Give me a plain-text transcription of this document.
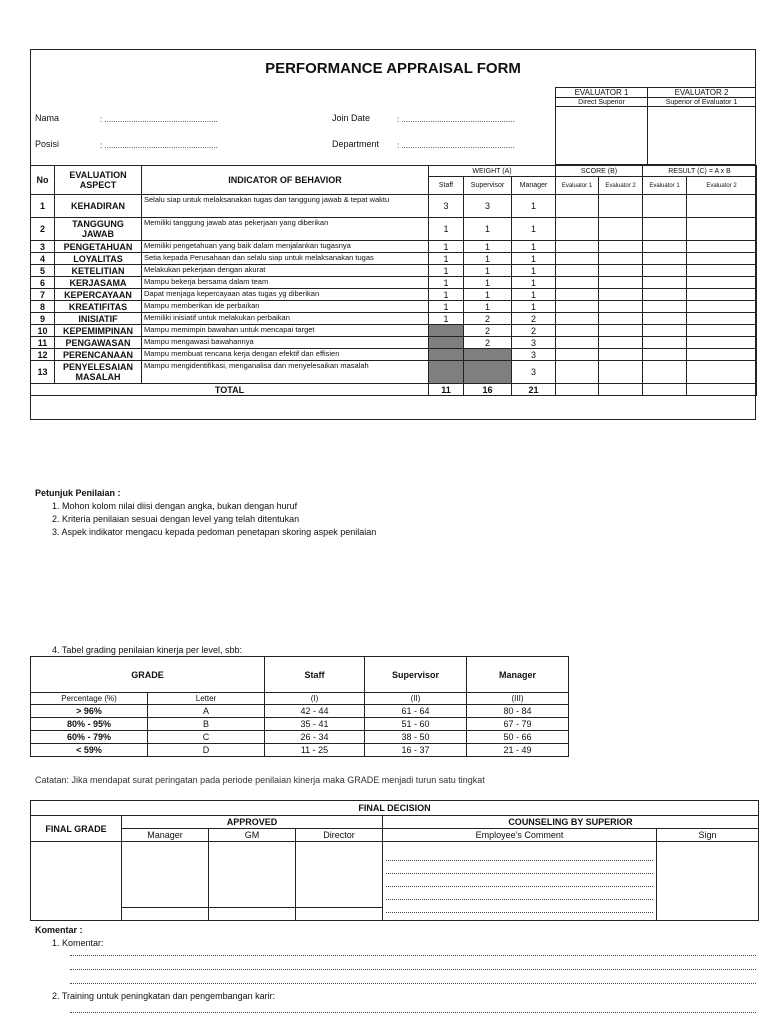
PERFORMANCE APPRAISAL FORM
EVALUATOR 1	EVALUATOR 2
Direct Superior	Superior of Evaluator 1

Nama	: ...................................................
Posisi	: ...................................................
Join Date	: ...................................................
Department : ...................................................
No	EVALUATION ASPECT	INDICATOR OF BEHAVIOR	WEIGHT (A)			SCORE (B)		RESULT (C) = A x B	
			Staff	Supervisor	Manager	Evaluator 1	Evaluator 2	Evaluator 1	Evaluator 2
1	KEHADIRAN	Selalu siap untuk melaksanakan tugas dan tanggung jawab & tepat waktu	3	3	1				
2	TANGGUNG JAWAB	Memiliki tanggung jawab atas pekerjaan yang diberikan	1	1	1				
3	PENGETAHUAN	Memiliki pengetahuan yang baik dalam menjalankan tugasnya	1	1	1				
4	LOYALITAS	Setia kepada Perusahaan dan selalu siap untuk melaksanakan tugas	1	1	1				
5	KETELITIAN	Melakukan pekerjaan dengan akurat	1	1	1				
6	KERJASAMA	Mampu bekerja bersama dalam team	1	1	1				
7	KEPERCAYAAN	Dapat menjaga kepercayaan atas tugas yg diberikan	1	1	1				
8	KREATIFITAS	Mampu memberikan ide perbaikan	1	1	1				
9	INISIATIF	Memiliki inisiatif untuk melakukan perbaikan	1	2	2				
10	KEPEMIMPINAN	Mampu memimpin bawahan untuk mencapai target		2	2				
11	PENGAWASAN	Mampu mengawasi bawahannya		2	3				
12	PERENCANAAN	Mampu membuat rencana kerja dengan efektif dan effisien			3				
13	PENYELESAIAN MASALAH	Mampu mengidentifikasi, menganalisa dan menyelesaikan masalah			3				
TOTAL			11	16	21				
Petunjuk Penilaian :
1. Mohon kolom nilai diisi dengan angka, bukan dengan huruf
2. Kriteria penilaian sesuai dengan level yang telah ditentukan
3. Aspek indikator mengacu kepada pedoman penetapan skoring aspek penilaian
4. Tabel grading penilaian kinerja per level, sbb:
GRADE		Staff	Supervisor	Manager
Percentage (%)	Letter	(I)	(II)	(III)
> 96%	A	42 - 44	61 - 64	80 - 84
80% - 95%	B	35 - 41	51 - 60	67 - 79
60% - 79%	C	26 - 34	38 - 50	50 - 66
< 59%	D	11 - 25	16 - 37	21 - 49
Catatan: Jika mendapat surat peringatan pada periode penilaian kinerja maka GRADE menjadi turun satu tingkat
FINAL DECISION					
FINAL GRADE	APPROVED			COUNSELING BY SUPERIOR	
	Manager	GM	Director	Employee’s Comment	Sign

Komentar :
1. Komentar:
2. Training untuk peningkatan dan pengembangan karir:
